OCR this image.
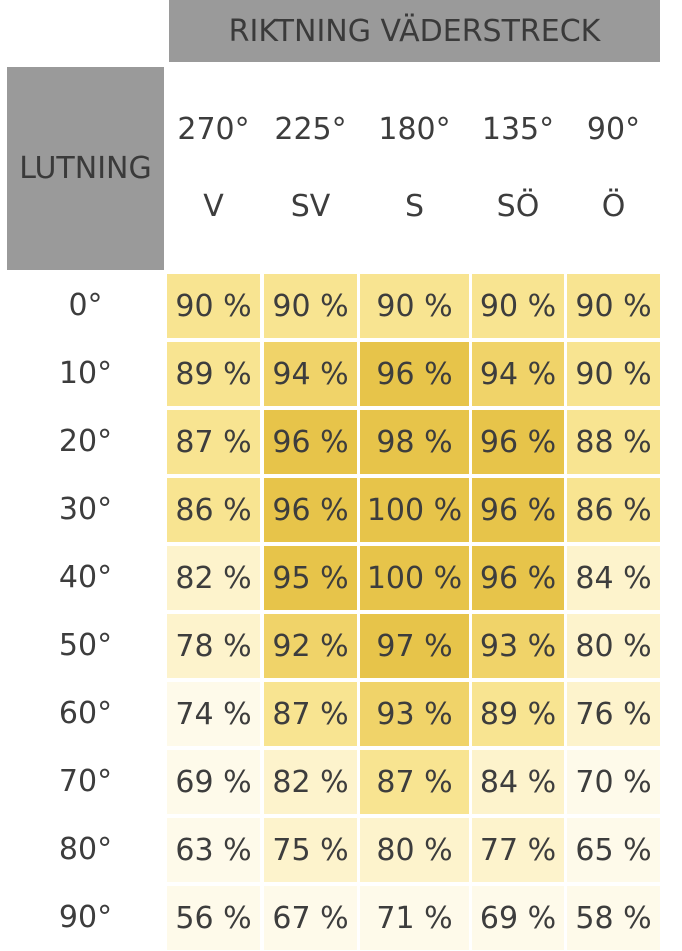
RIKTNING VÄDERSTRECK
LUTNING
270°
V
225°
SV
180°
S
135°
SÖ
90°
Ö
0°	90 % 90 % 90 % 90 % 90 %
10°	89 % 94 % 96 % 94 % 90 %
20°	87 % 96 % 98 % 96 % 88 %
30°	86 % 96 % 100 % 96 % 86 %
40°	82 % 95 % 100 % 96 % 84 %
50°	78 % 92 % 97 % 93 % 80 %
60°	74 % 87 % 93 % 89 % 76 %
70°	69 % 82 % 87 % 84 % 70 %
80°	63 % 75 % 80 % 77 % 65 %
90°	56 % 67 % 71 % 69 % 58 %
